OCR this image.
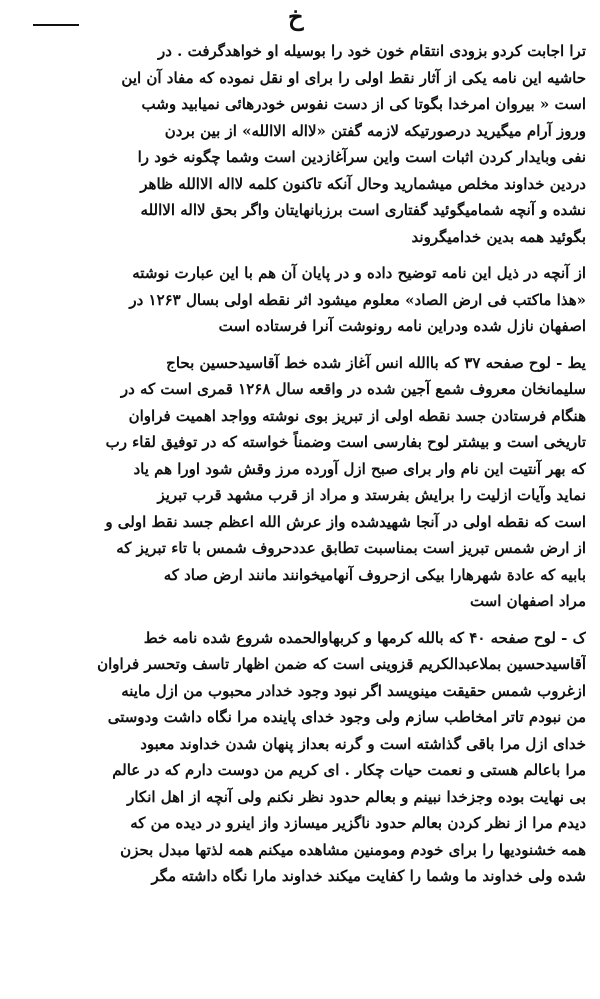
خ

ترا اجابت کردو بزودی انتقام خون خود را بوسیله او خواهدگرفت . در
حاشیه این نامه یکی از آثار نقط اولی را برای او نقل نموده که مفاد آن این
است « بیروان امرخدا بگوتا کی از دست نفوس خودرهائی نمیابید وشب
وروز آرام میگیرید درصورتیکه لازمه گفتن «لااله الاالله» از بین بردن
نفی وبایدار کردن اثبات است واین سرآغازدین است وشما چگونه خود را
دردین خداوند مخلص میشمارید وحال آنکه تاکنون کلمه لااله الاالله ظاهر
نشده و آنچه شمامیگوئید گفتاری است برزبانهایتان واگر بحق لااله الاالله
بگوئید همه بدین خدامیگروند

از آنچه در ذیل این نامه توضیح داده و در پایان آن هم با این عبارت نوشته
«هذا ماکتب فی ارض الصاد» معلوم میشود اثر نقطه اولی بسال ۱۲۶۳ در
اصفهان نازل شده ودراین نامه رونوشت آنرا فرستاده است

یط - لوح صفحه ۳۷ که باالله انس آغاز شده خط آقاسیدحسین بحاج
سلیمانخان معروف شمع آجین شده در واقعه سال ۱۲۶۸ قمری است که در
هنگام فرستادن جسد نقطه اولی از تبریز بوی نوشته وواجد اهمیت فراوان
تاریخی است و بیشتر لوح بفارسی است وضمناً خواسته که در توفیق لقاء رب
که بهر آنتیت این نام وار برای صبح ازل آورده مرز وقش شود اورا هم یاد
نماید وآیات ازلیت را برایش بفرستد و مراد از قرب مشهد قرب تبریز
است که نقطه اولی در آنجا شهیدشده واز عرش الله اعظم جسد نقط اولی و
از ارض شمس تبریز است بمناسبت تطابق عددحروف شمس با تاء تبریز که
بابیه که عادة شهرهارا بیکی ازحروف آنهامیخوانند مانند ارض صاد که
مراد اصفهان است

ک - لوح صفحه ۴۰ که بالله کرمها و کربهاوالحمده شروع شده نامه خط
آقاسیدحسین بملاعبدالکریم قزوینی است که ضمن اظهار تاسف وتحسر فراوان
ازغروب شمس حقیقت مینویسد اگر نبود وجود خدادر محبوب من ازل ماینه
من نبودم تاتر امخاطب سازم ولی وجود خدای پاینده مرا نگاه داشت ودوستی
خدای ازل مرا باقی گذاشته است و گرنه بعداز پنهان شدن خداوند معبود
مرا باعالم هستی و نعمت حیات چکار . ای کریم من دوست دارم که در عالم
بی نهایت بوده وجزخدا نبینم و بعالم حدود نظر نکنم ولی آنچه از اهل انکار
دیدم مرا از نظر کردن بعالم حدود ناگزیر میسازد واز اینرو در دیده من که
همه خشنودیها را برای خودم ومومنین مشاهده میکنم همه لذتها مبدل بحزن
شده ولی خداوند ما وشما را کفایت میکند خداوند مارا نگاه داشته مگر
